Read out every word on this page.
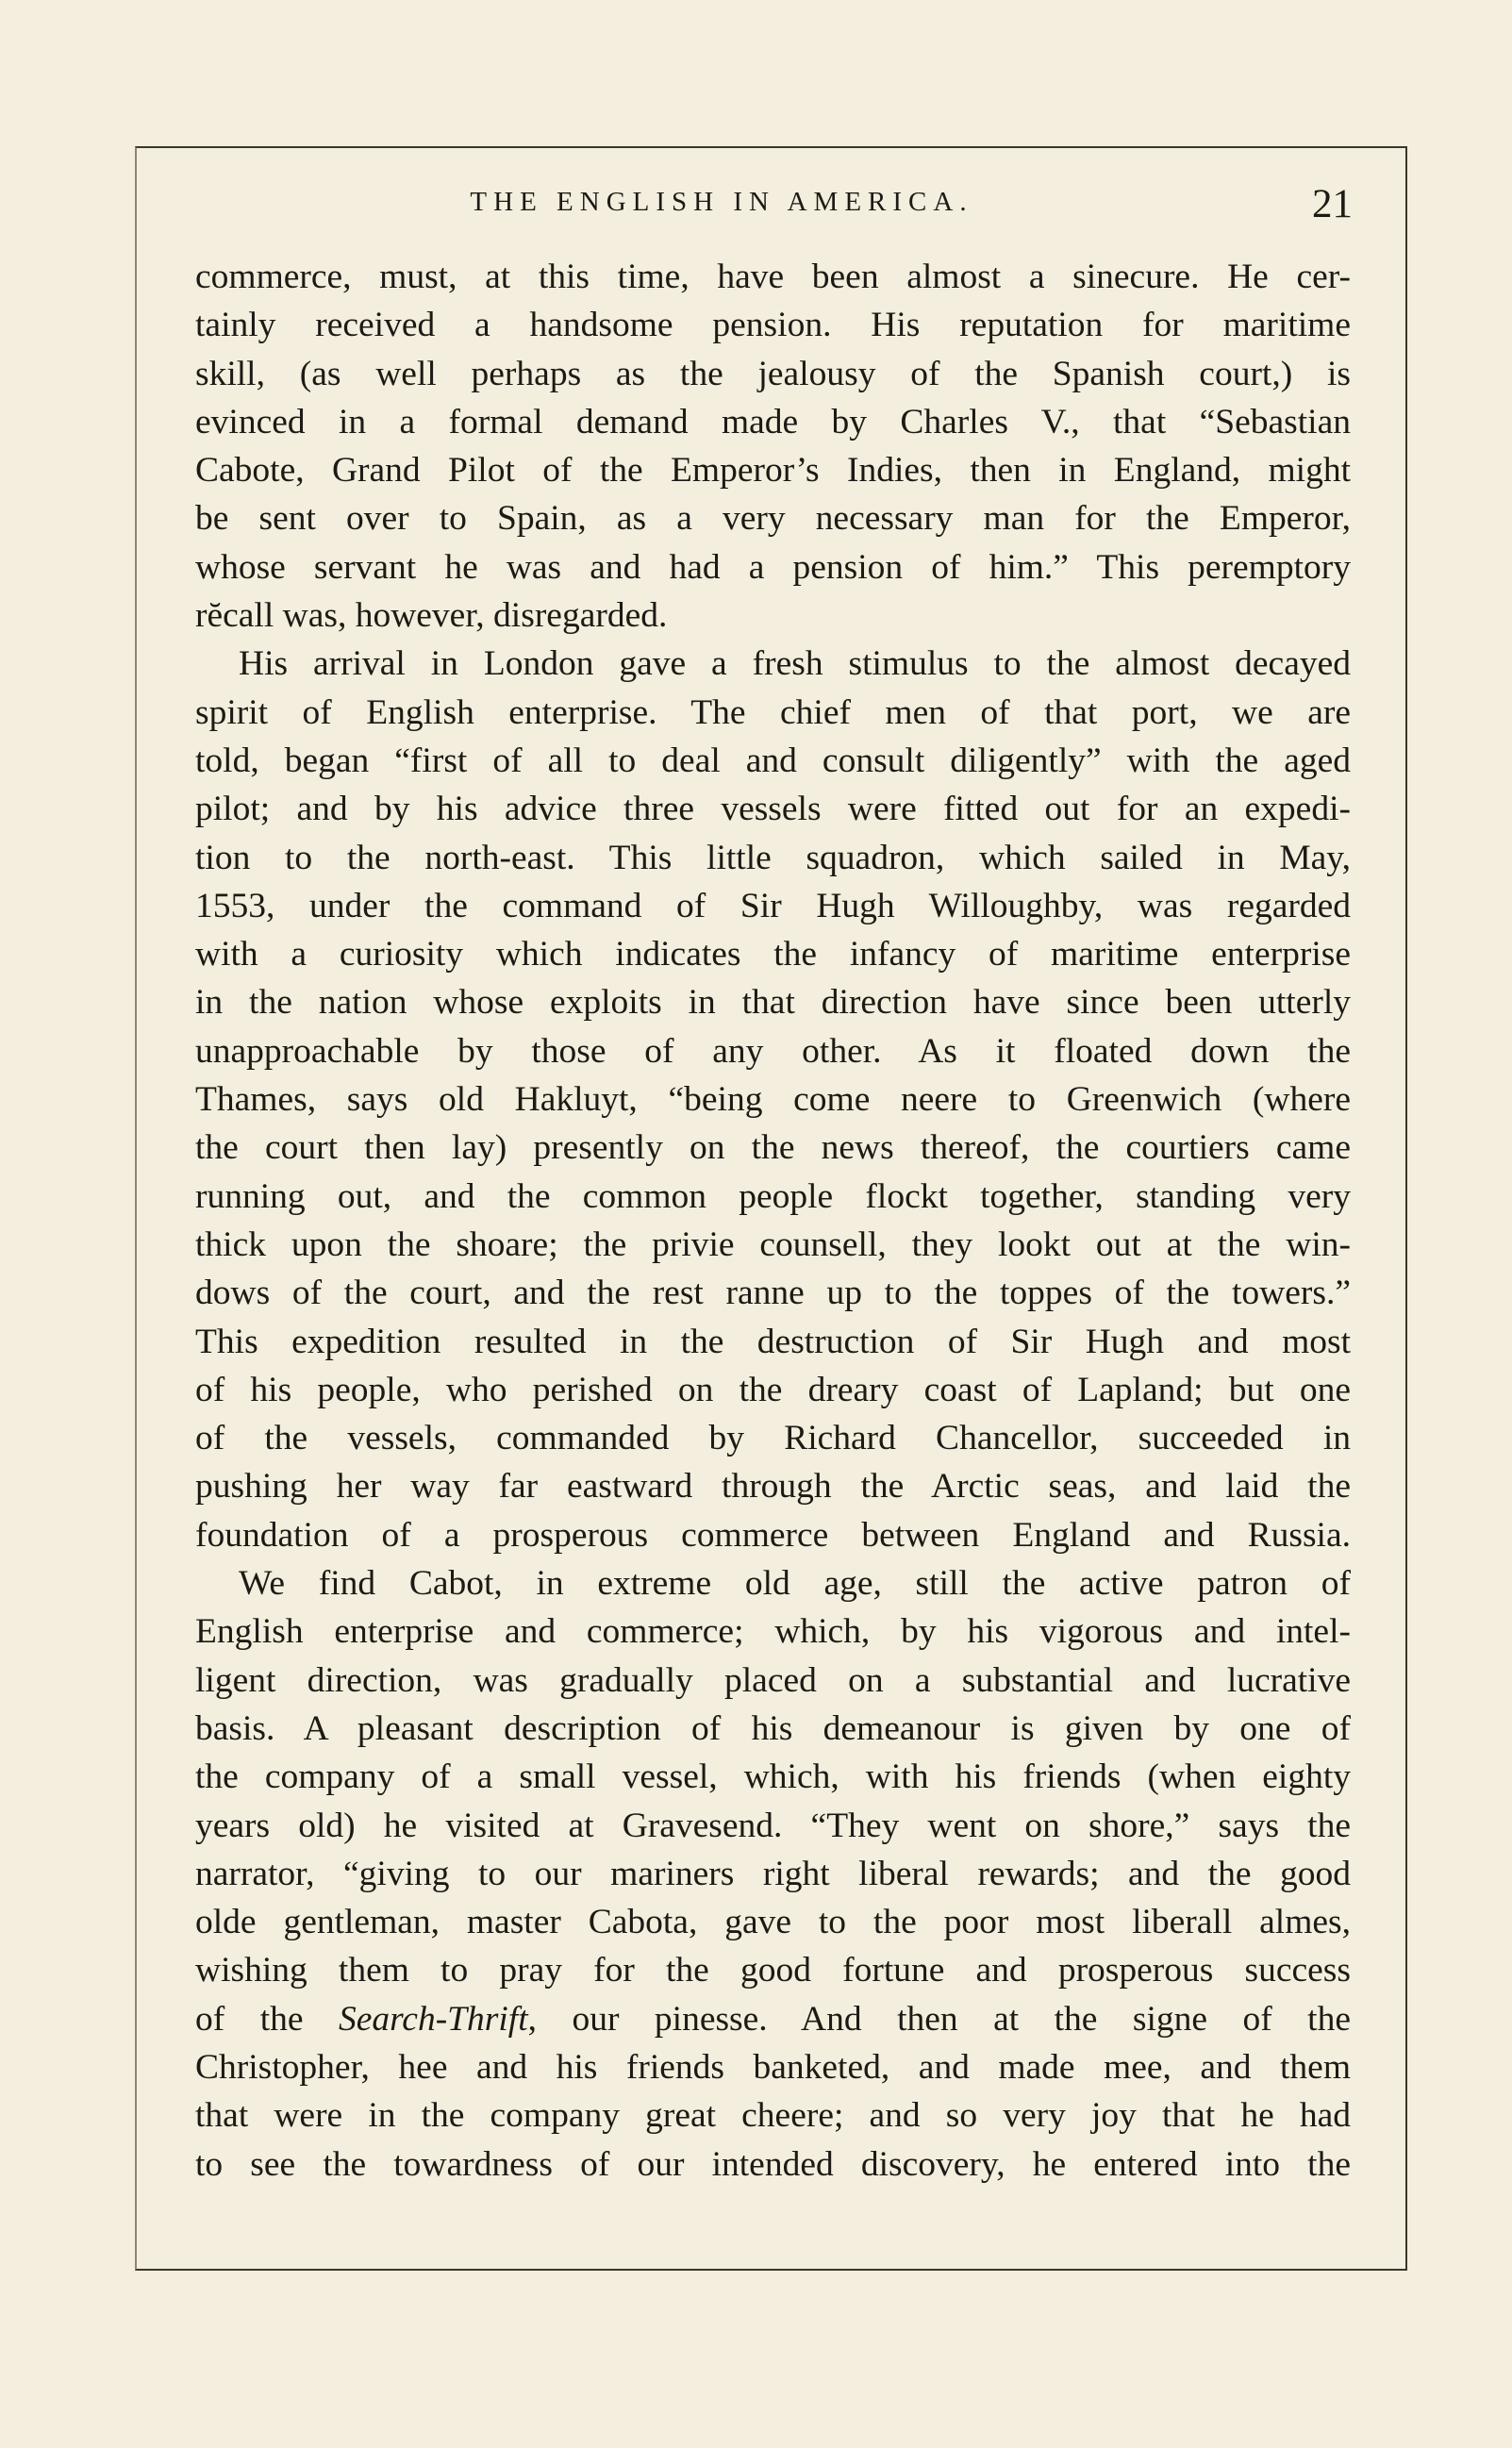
THE ENGLISH IN AMERICA.	21
commerce, must, at this time, have been almost a sinecure. He cer-
tainly received a handsome pension. His reputation for maritime
skill, (as well perhaps as the jealousy of the Spanish court,) is
evinced in a formal demand made by Charles V., that “Sebastian
Cabote, Grand Pilot of the Emperor’s Indies, then in England, might
be sent over to Spain, as a very necessary man for the Emperor,
whose servant he was and had a pension of him.” This peremptory
rĕcall was, however, disregarded.
His arrival in London gave a fresh stimulus to the almost decayed
spirit of English enterprise. The chief men of that port, we are
told, began “first of all to deal and consult diligently” with the aged
pilot; and by his advice three vessels were fitted out for an expedi-
tion to the north-east. This little squadron, which sailed in May,
1553, under the command of Sir Hugh Willoughby, was regarded
with a curiosity which indicates the infancy of maritime enterprise
in the nation whose exploits in that direction have since been utterly
unapproachable by those of any other. As it floated down the
Thames, says old Hakluyt, “being come neere to Greenwich (where
the court then lay) presently on the news thereof, the courtiers came
running out, and the common people flockt together, standing very
thick upon the shoare; the privie counsell, they lookt out at the win-
dows of the court, and the rest ranne up to the toppes of the towers.”
This expedition resulted in the destruction of Sir Hugh and most
of his people, who perished on the dreary coast of Lapland; but one
of the vessels, commanded by Richard Chancellor, succeeded in
pushing her way far eastward through the Arctic seas, and laid the
foundation of a prosperous commerce between England and Russia.
We find Cabot, in extreme old age, still the active patron of
English enterprise and commerce; which, by his vigorous and intel-
ligent direction, was gradually placed on a substantial and lucrative
basis. A pleasant description of his demeanour is given by one of
the company of a small vessel, which, with his friends (when eighty
years old) he visited at Gravesend. “They went on shore,” says the
narrator, “giving to our mariners right liberal rewards; and the good
olde gentleman, master Cabota, gave to the poor most liberall almes,
wishing them to pray for the good fortune and prosperous success
of the Search-Thrift, our pinesse. And then at the signe of the
Christopher, hee and his friends banketed, and made mee, and them
that were in the company great cheere; and so very joy that he had
to see the towardness of our intended discovery, he entered into the
